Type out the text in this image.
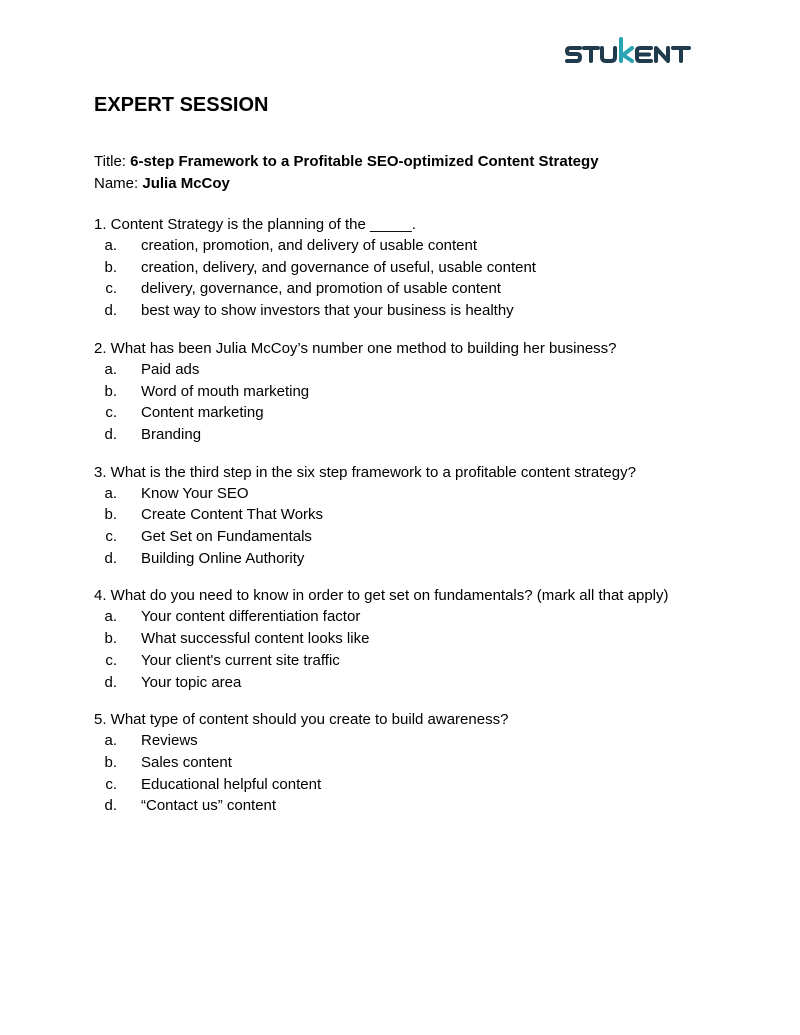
EXPERT SESSION
Title: 6-step Framework to a Profitable SEO-optimized Content Strategy
Name: Julia McCoy
1. Content Strategy is the planning of the _____.
a. creation, promotion, and delivery of usable content
b. creation, delivery, and governance of useful, usable content
c. delivery, governance, and promotion of usable content
d. best way to show investors that your business is healthy
2. What has been Julia McCoy’s number one method to building her business?
a. Paid ads
b. Word of mouth marketing
c. Content marketing
d. Branding
3. What is the third step in the six step framework to a profitable content strategy?
a. Know Your SEO
b. Create Content That Works
c. Get Set on Fundamentals
d. Building Online Authority
4. What do you need to know in order to get set on fundamentals? (mark all that apply)
a. Your content differentiation factor
b. What successful content looks like
c. Your client's current site traffic
d. Your topic area
5. What type of content should you create to build awareness?
a. Reviews
b. Sales content
c. Educational helpful content
d. “Contact us” content
